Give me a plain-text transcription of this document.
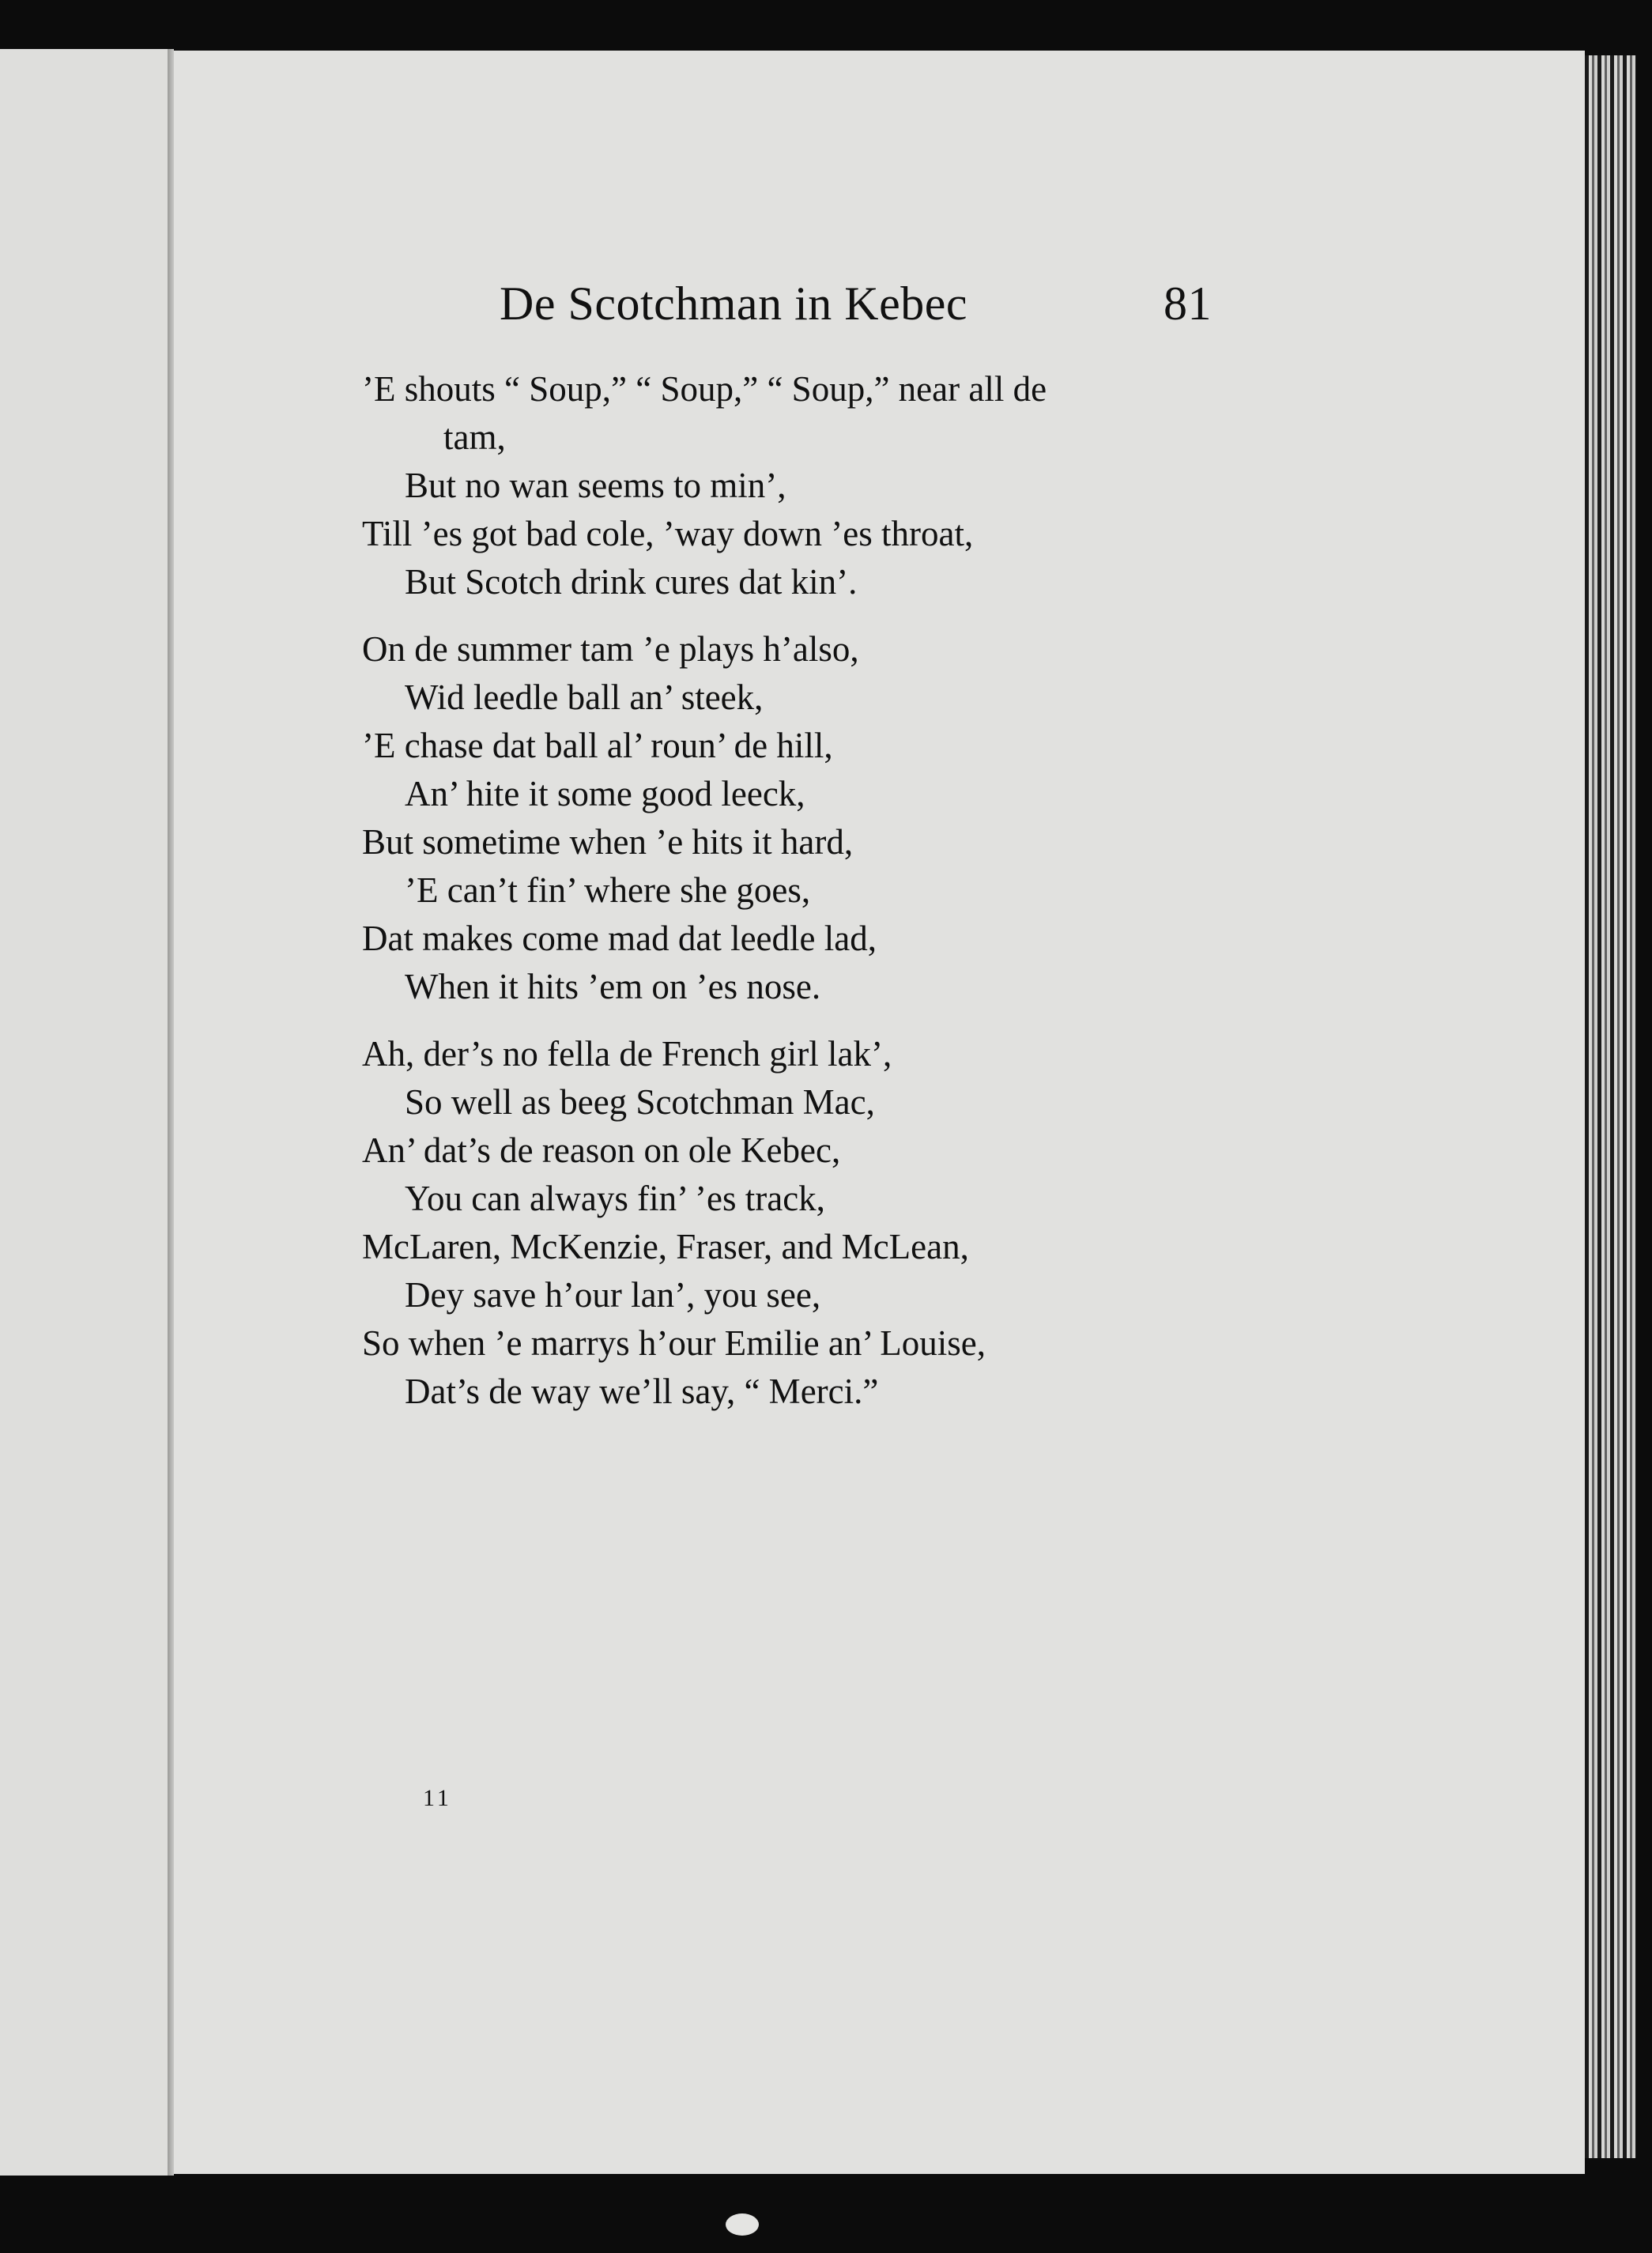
De Scotchman in Kebec	81
’E shouts “ Soup,” “ Soup,” “ Soup,” near all de
tam,
But no wan seems to min’,
Till ’es got bad cole, ’way down ’es throat,
But Scotch drink cures dat kin’.
On de summer tam ’e plays h’also,
Wid leedle ball an’ steek,
’E chase dat ball al’ roun’ de hill,
An’ hite it some good leeck,
But sometime when ’e hits it hard,
’E can’t fin’ where she goes,
Dat makes come mad dat leedle lad,
When it hits ’em on ’es nose.
Ah, der’s no fella de French girl lak’,
So well as beeg Scotchman Mac,
An’ dat’s de reason on ole Kebec,
You can always fin’ ’es track,
McLaren, McKenzie, Fraser, and McLean,
Dey save h’our lan’, you see,
So when ’e marrys h’our Emilie an’ Louise,
Dat’s de way we’ll say, “ Merci.”
11
